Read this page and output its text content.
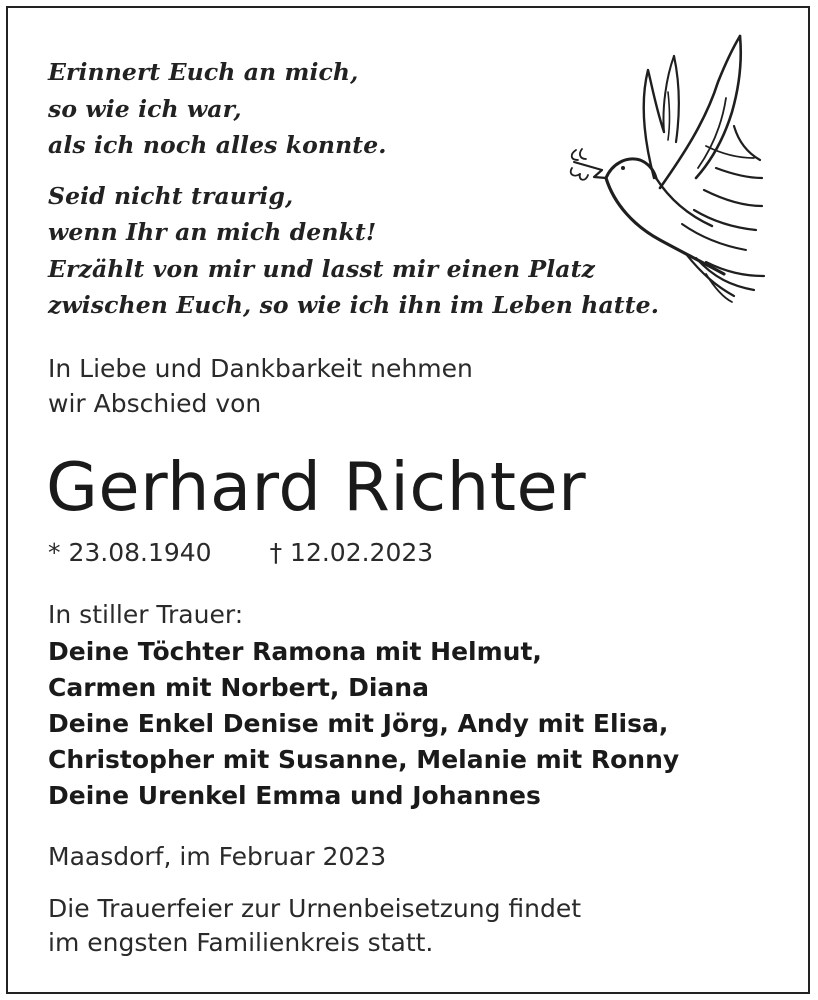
Erinnert Euch an mich,
so wie ich war,
als ich noch alles konnte.
Seid nicht traurig,
wenn Ihr an mich denkt!
Erzählt von mir und lasst mir einen Platz
zwischen Euch, so wie ich ihn im Leben hatte.
In Liebe und Dankbarkeit nehmen
wir Abschied von
Gerhard Richter
* 23.08.1940 † 12.02.2023
In stiller Trauer:
Deine Töchter Ramona mit Helmut,
Carmen mit Norbert, Diana
Deine Enkel Denise mit Jörg, Andy mit Elisa,
Christopher mit Susanne, Melanie mit Ronny
Deine Urenkel Emma und Johannes
Maasdorf, im Februar 2023
Die Trauerfeier zur Urnenbeisetzung findet
im engsten Familienkreis statt.
